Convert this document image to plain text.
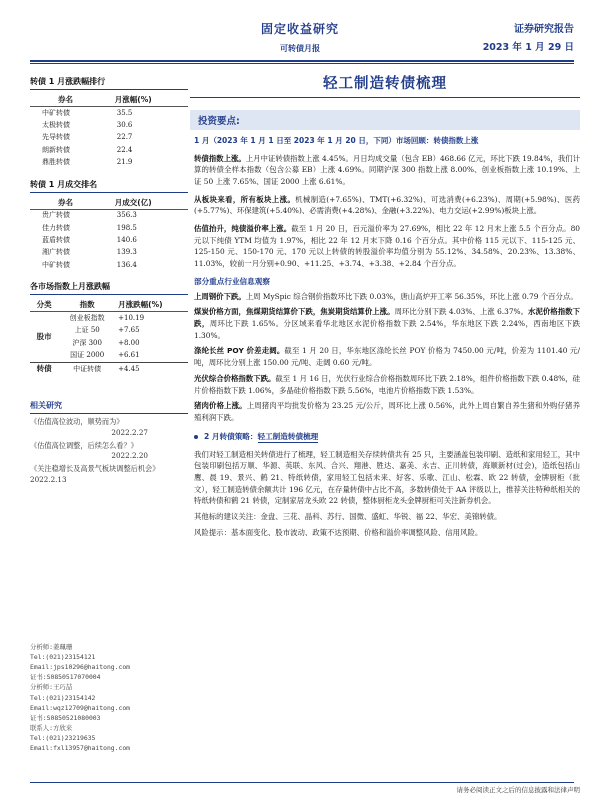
固定收益研究
可转债月报
证券研究报告
2023 年 1 月 29 日
转债 1 月涨跌幅排行
券名	月涨幅(%)
中矿转债	35.5
太极转债	30.6
先导转债	22.7
朗新转债	22.4
鼎胜转债	21.9
转债 1 月成交排名
券名	月成交(亿)
贵广转债	356.3
佳力转债	198.5
蓝盾转债	140.6
湘广转债	139.3
中矿转债	136.4
各市场指数上月涨跌幅
分类	指数	月涨跌幅(%)
股市	创业板指数	+10.19
	上证 50	+7.65
	沪深 300	+8.00
	国证 2000	+6.61
转债	中证转债	+4.45
相关研究
《估值高位波动，顺势而为》
2022.2.27
《估值高位调整，后续怎么看？》
2022.2.20
《关注稳增长及高景气板块调整后机会》 2022.2.13
分析师:姜珮珊
Tel:(021)23154121
Email:jps10296@haitong.com
证书:S0850517070004
分析师:王巧喆
Tel:(021)23154142
Email:wqz12709@haitong.com
证书:S0850521080003
联系人:方欣来
Tel:(021)23219635
Email:fxl13957@haitong.com
轻工制造转债梳理
投资要点:
1 月（2023 年 1 月 1 日至 2023 年 1 月 20 日，下同）市场回顾：转债指数上涨
转债指数上涨。上月中证转债指数上涨 4.45%。月日均成交量（包含 EB）468.66 亿元，环比下跌 19.84%，我们计算的转债全样本指数（包含公募 EB）上涨 4.69%。同期沪深 300 指数上涨 8.00%、创业板指数上涨 10.19%、上证 50 上涨 7.65%、国证 2000 上涨 6.61%。
从板块来看，所有板块上涨。机械制造(+7.65%)、TMT(+6.32%)、可选消费(+6.23%)、周期(+5.98%)、医药(+5.77%)、环保建筑(+5.40%)、必需消费(+4.28%)、金融(+3.22%)、电力交运(+2.99%)板块上涨。
估值抬升，纯债溢价率上涨。截至 1 月 20 日，百元溢价率为 27.69%，相比 22 年 12 月末上涨 5.5 个百分点。80 元以下纯债 YTM 均值为 1.97%，相比 22 年 12 月末下降 0.16 个百分点。其中价格 115 元以下、115-125 元、125-150 元、150-170 元、170 元以上转债的转股溢价率均值分别为 55.12%、34.58%、20.23%、13.38%、11.03%，较前一月分别+0.90、+11.25、+3.74、+3.38、+2.84 个百分点。
部分重点行业信息观察
上周钢价下跌。上周 MySpic 综合钢价指数环比下跌 0.03%，唐山高炉开工率 56.35%，环比上涨 0.79 个百分点。
煤炭价格方面，焦煤期货结算价下跌，焦炭期货结算价上涨。周环比分别下跌 4.03%、上涨 6.37%。水泥价格指数下跌，周环比下跌 1.65%。分区域来看华北地区水泥价格指数下跌 2.54%，华东地区下跌 2.24%，西南地区下跌 1.30%。
涤纶长丝 POY 价差走阔。截至 1 月 20 日，华东地区涤纶长丝 POY 价格为 7450.00 元/吨，价差为 1101.40 元/吨，周环比分别上涨 150.00 元/吨、走阔 0.60 元/吨。
光伏综合价格指数下跌。截至 1 月 16 日，光伏行业综合价格指数周环比下跌 2.18%，组件价格指数下跌 0.48%，硅片价格指数下跌 1.06%，多晶硅价格指数下跌 5.56%，电池片价格指数下跌 1.53%。
猪肉价格上涨。上周猪肉平均批发价格为 23.25 元/公斤，周环比上涨 0.56%，此外上周自繁自养生猪和外购仔猪养殖利润下跌。
2 月转债策略： 轻工制造转债梳理
我们对轻工制造相关转债进行了梳理，轻工制造相关存续转债共有 25 只，主要涵盖包装印刷、造纸和家用轻工，其中包装印刷包括万顺、华源、英联、东风、合兴、翔港、胜达、嘉美、永吉、正川转债，海顺新材(过会)，造纸包括山鹰、晨 19、景兴、鹤 21、特纸转债，家用轻工包括未来、好客、乐歌、江山、松霖、欧 22 转债，金牌厨柜（批文），轻工制造转债余额共计 196 亿元，在存量转债中占比不高，多数转债处于 AA 评级以上，推荐关注特种纸相关的特纸转债和鹤 21 转债，定制家居龙头欧 22 转债，整体厨柜龙头金牌厨柜可关注新券机会。
其他标的建议关注：金盘、三花、晶科、苏行、国微、盛虹、华锐、福 22、华宏、美锦转债。
风险提示：基本面变化、股市波动、政策不达预期、价格和溢价率调整风险、信用风险。
请务必阅读正文之后的信息披露和法律声明
